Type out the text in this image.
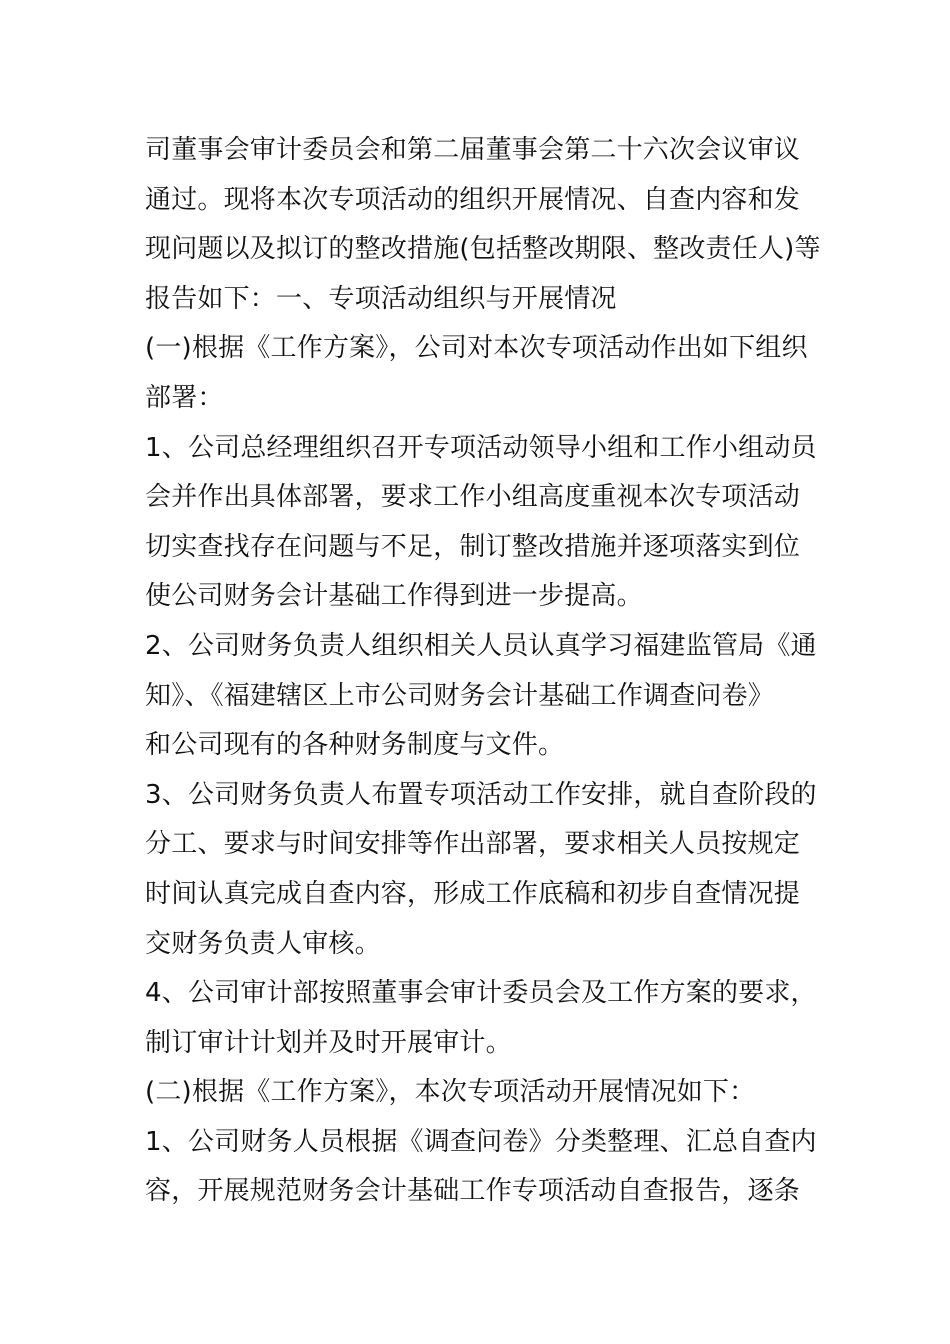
司董事会审计委员会和第二届董事会第二十六次会议审议
通过。现将本次专项活动的组织开展情况、自查内容和发
现问题以及拟订的整改措施(包括整改期限、整改责任人)等
报告如下：一、专项活动组织与开展情况
(一)根据《工作方案》，公司对本次专项活动作出如下组织
部署：
1、公司总经理组织召开专项活动领导小组和工作小组动员
会并作出具体部署，要求工作小组高度重视本次专项活动
切实查找存在问题与不足，制订整改措施并逐项落实到位
使公司财务会计基础工作得到进一步提高。
2、公司财务负责人组织相关人员认真学习福建监管局《通
知》、《福建辖区上市公司财务会计基础工作调查问卷》
和公司现有的各种财务制度与文件。
3、公司财务负责人布置专项活动工作安排，就自查阶段的
分工、要求与时间安排等作出部署，要求相关人员按规定
时间认真完成自查内容，形成工作底稿和初步自查情况提
交财务负责人审核。
4、公司审计部按照董事会审计委员会及工作方案的要求，
制订审计计划并及时开展审计。
(二)根据《工作方案》，本次专项活动开展情况如下：
1、公司财务人员根据《调查问卷》分类整理、汇总自查内
容，开展规范财务会计基础工作专项活动自查报告，逐条
